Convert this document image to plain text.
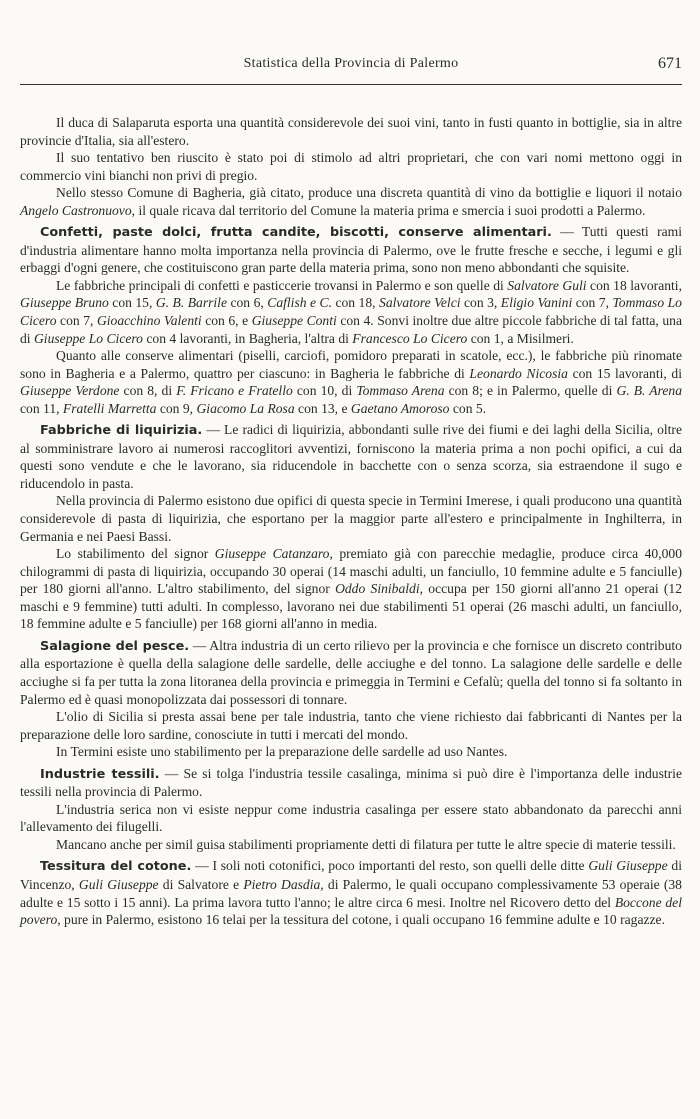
Statistica della Provincia di Palermo	671

Il duca di Salaparuta esporta una quantità considerevole dei suoi vini, tanto in fusti quanto in bottiglie, sia in altre provincie d'Italia, sia all'estero.

Il suo tentativo ben riuscito è stato poi di stimolo ad altri proprietari, che con vari nomi mettono oggi in commercio vini bianchi non privi di pregio.

Nello stesso Comune di Bagheria, già citato, produce una discreta quantità di vino da bottiglie e liquori il notaio Angelo Castronuovo, il quale ricava dal territorio del Comune la materia prima e smercia i suoi prodotti a Palermo.

Confetti, paste dolci, frutta candite, biscotti, conserve alimentari. — Tutti questi rami d'industria alimentare hanno molta importanza nella provincia di Palermo, ove le frutte fresche e secche, i legumi e gli erbaggi d'ogni genere, che costituiscono gran parte della materia prima, sono non meno abbondanti che squisite.

Le fabbriche principali di confetti e pasticcerie trovansi in Palermo e son quelle di Salvatore Guli con 18 lavoranti, Giuseppe Bruno con 15, G. B. Barrile con 6, Caflish e C. con 18, Salvatore Velci con 3, Eligio Vanini con 7, Tommaso Lo Cicero con 7, Gioacchino Valenti con 6, e Giuseppe Conti con 4. Sonvi inoltre due altre piccole fabbriche di tal fatta, una di Giuseppe Lo Cicero con 4 lavoranti, in Bagheria, l'altra di Francesco Lo Cicero con 1, a Misilmeri.

Quanto alle conserve alimentari (piselli, carciofi, pomidoro preparati in scatole, ecc.), le fabbriche più rinomate sono in Bagheria e a Palermo, quattro per ciascuno: in Bagheria le fabbriche di Leonardo Nicosia con 15 lavoranti, di Giuseppe Verdone con 8, di F. Fricano e Fratello con 10, di Tommaso Arena con 8; e in Palermo, quelle di G. B. Arena con 11, Fratelli Marretta con 9, Giacomo La Rosa con 13, e Gaetano Amoroso con 5.

Fabbriche di liquirizia. — Le radici di liquirizia, abbondanti sulle rive dei fiumi e dei laghi della Sicilia, oltre al somministrare lavoro ai numerosi raccoglitori avventizi, forniscono la materia prima a non pochi opifici, a cui da questi sono vendute e che le lavorano, sia riducendole in bacchette con o senza scorza, sia estraendone il sugo e riducendolo in pasta.

Nella provincia di Palermo esistono due opifici di questa specie in Termini Imerese, i quali producono una quantità considerevole di pasta di liquirizia, che esportano per la maggior parte all'estero e principalmente in Inghilterra, in Germania e nei Paesi Bassi.

Lo stabilimento del signor Giuseppe Catanzaro, premiato già con parecchie medaglie, produce circa 40,000 chilogrammi di pasta di liquirizia, occupando 30 operai (14 maschi adulti, un fanciullo, 10 femmine adulte e 5 fanciulle) per 180 giorni all'anno. L'altro stabilimento, del signor Oddo Sinibaldi, occupa per 150 giorni all'anno 21 operai (12 maschi e 9 femmine) tutti adulti. In complesso, lavorano nei due stabilimenti 51 operai (26 maschi adulti, un fanciullo, 18 femmine adulte e 5 fanciulle) per 168 giorni all'anno in media.

Salagione del pesce. — Altra industria di un certo rilievo per la provincia e che fornisce un discreto contributo alla esportazione è quella della salagione delle sardelle, delle acciughe e del tonno. La salagione delle sardelle e delle acciughe si fa per tutta la zona litoranea della provincia e primeggia in Termini e Cefalù; quella del tonno si fa soltanto in Palermo ed è quasi monopolizzata dai possessori di tonnare.

L'olio di Sicilia si presta assai bene per tale industria, tanto che viene richiesto dai fabbricanti di Nantes per la preparazione delle loro sardine, conosciute in tutti i mercati del mondo.

In Termini esiste uno stabilimento per la preparazione delle sardelle ad uso Nantes.

Industrie tessili. — Se si tolga l'industria tessile casalinga, minima si può dire è l'importanza delle industrie tessili nella provincia di Palermo.

L'industria serica non vi esiste neppur come industria casalinga per essere stato abbandonato da parecchi anni l'allevamento dei filugelli.

Mancano anche per simil guisa stabilimenti propriamente detti di filatura per tutte le altre specie di materie tessili.

Tessitura del cotone. — I soli noti cotonifici, poco importanti del resto, son quelli delle ditte Guli Giuseppe di Vincenzo, Guli Giuseppe di Salvatore e Pietro Dasdia, di Palermo, le quali occupano complessivamente 53 operaie (38 adulte e 15 sotto i 15 anni). La prima lavora tutto l'anno; le altre circa 6 mesi. Inoltre nel Ricovero detto del Boccone del povero, pure in Palermo, esistono 16 telai per la tessitura del cotone, i quali occupano 16 femmine adulte e 10 ragazze.
